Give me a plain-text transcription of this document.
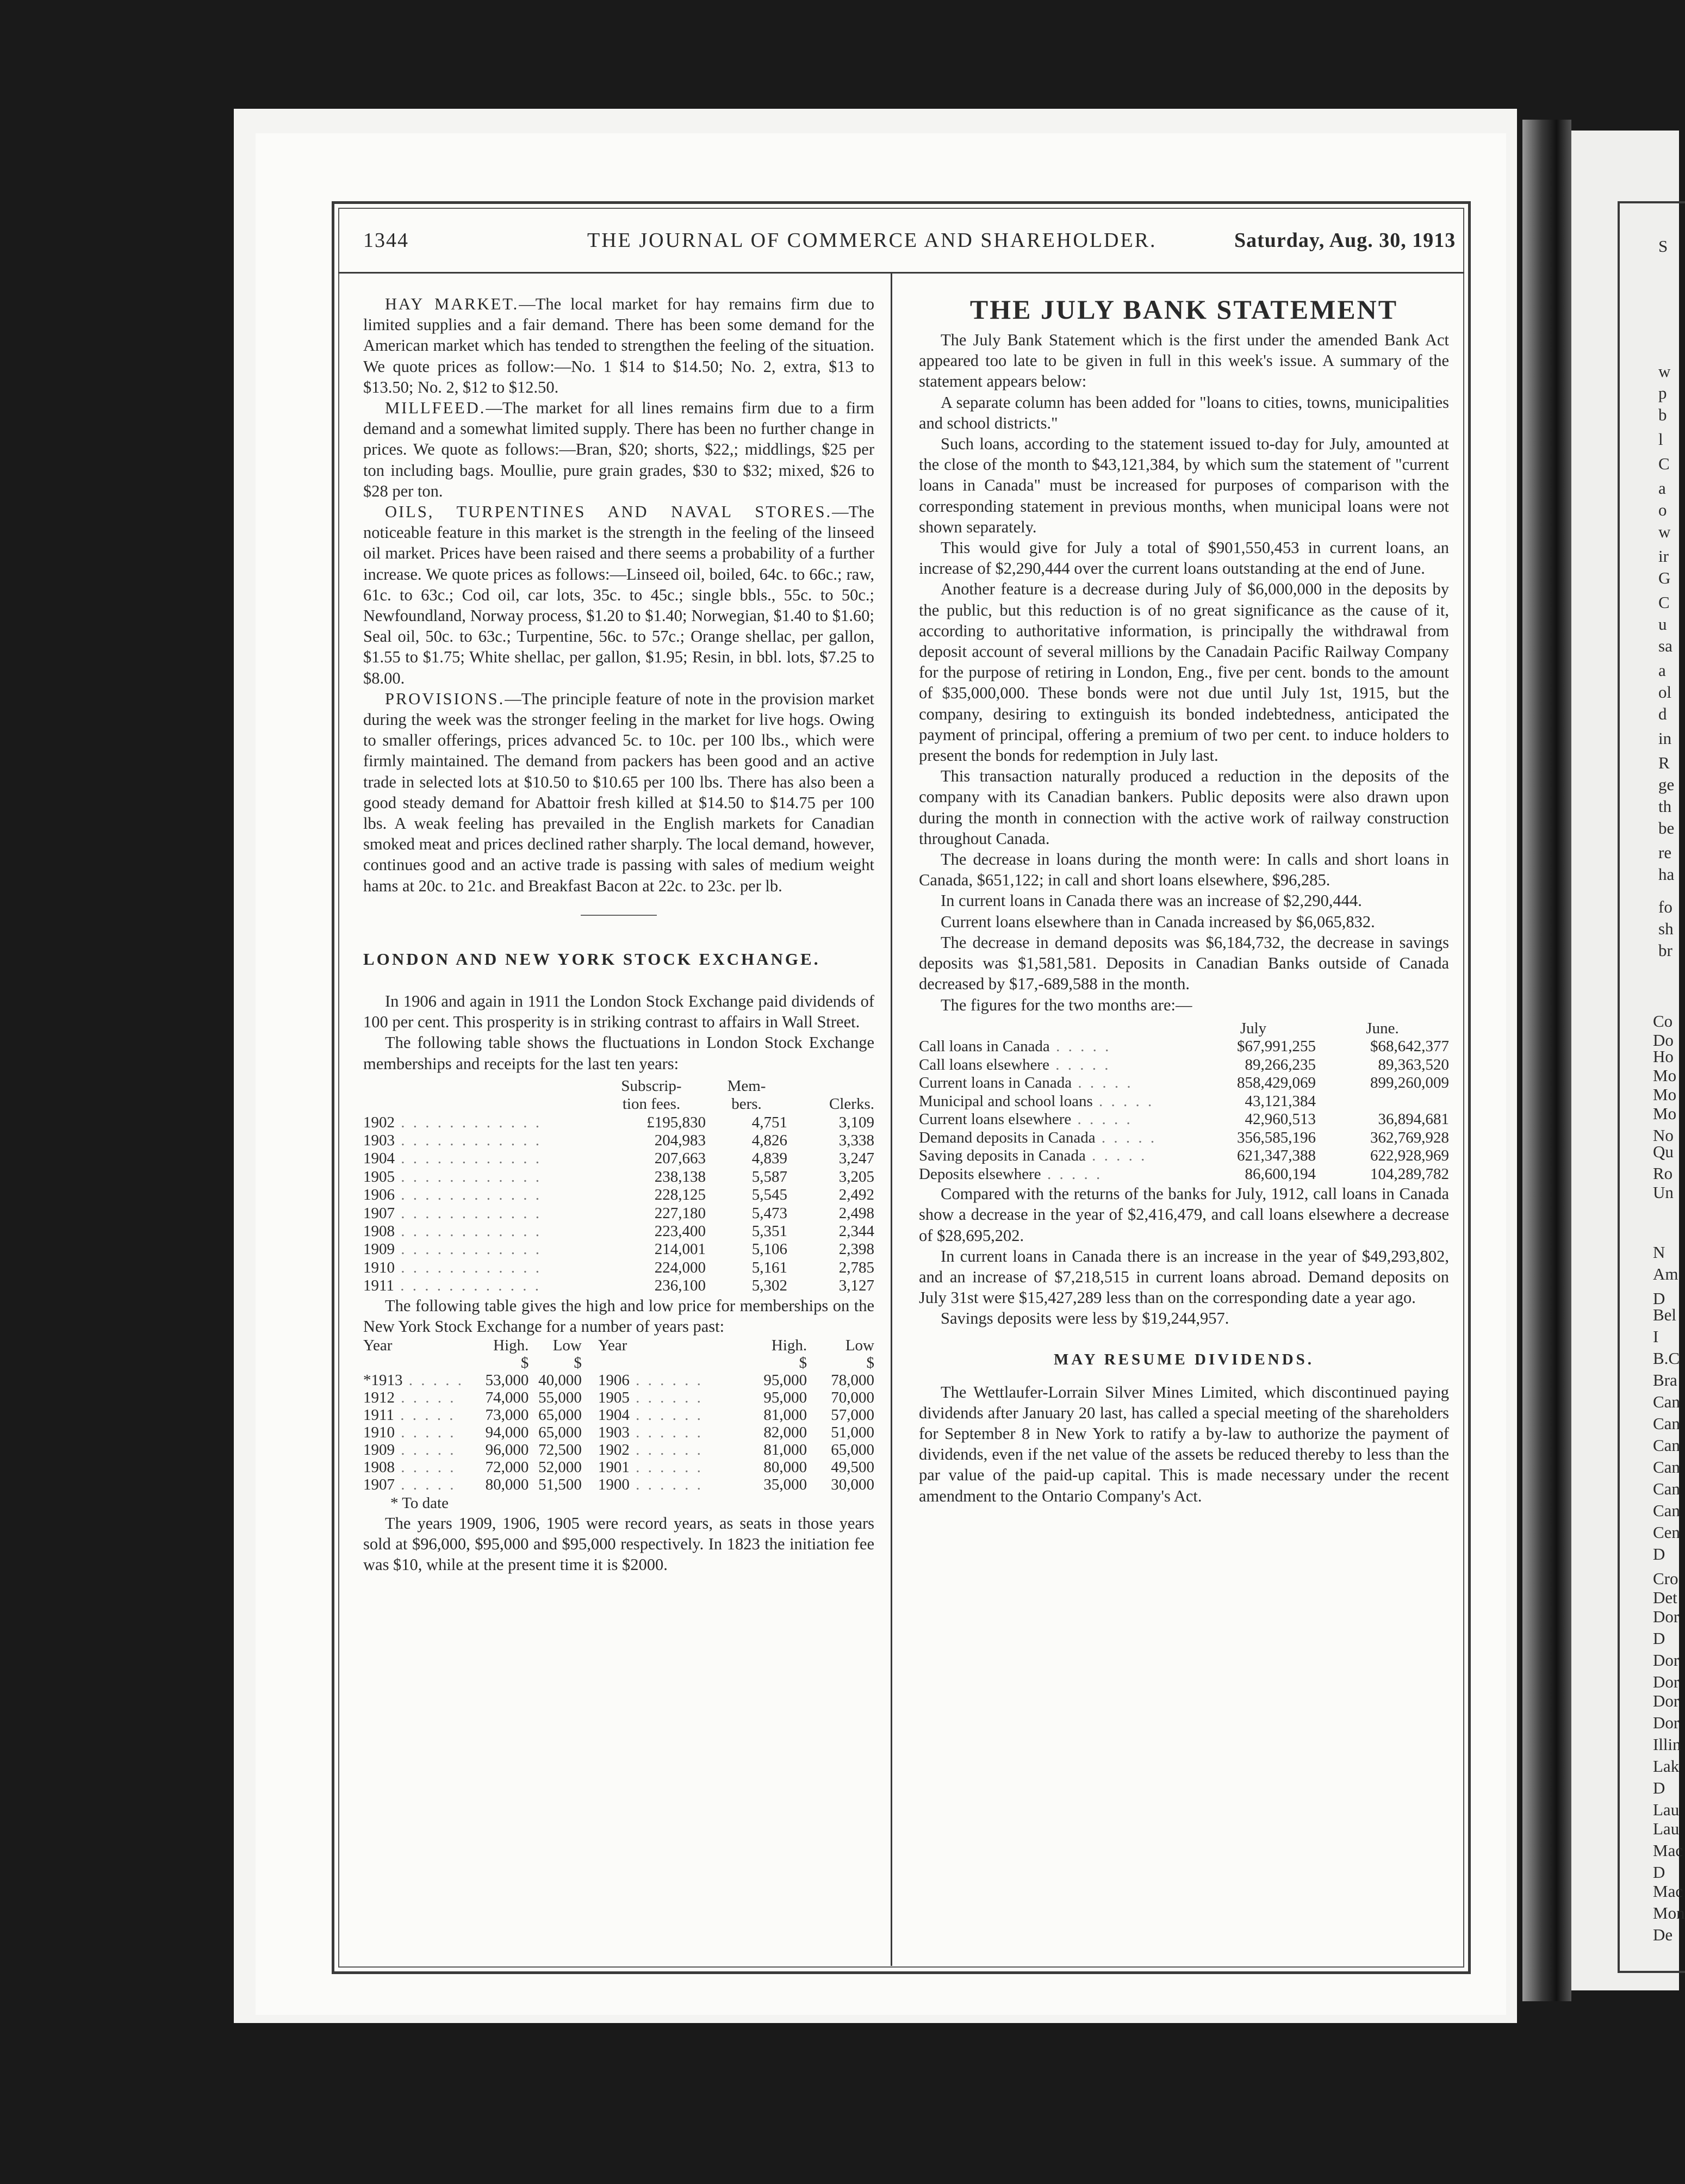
1344	THE JOURNAL OF COMMERCE AND SHAREHOLDER.	Saturday, Aug. 30, 1913

HAY MARKET.—The local market for hay remains firm due to limited supplies and a fair demand. There has been some demand for the American market which has tended to strengthen the feeling of the situation. We quote prices as follow:—No. 1 $14 to $14.50; No. 2, extra, $13 to $13.50; No. 2, $12 to $12.50.

MILLFEED.—The market for all lines remains firm due to a firm demand and a somewhat limited supply. There has been no further change in prices. We quote as follows:—Bran, $20; shorts, $22,; middlings, $25 per ton including bags. Moullie, pure grain grades, $30 to $32; mixed, $26 to $28 per ton.

OILS, TURPENTINES AND NAVAL STORES.—The noticeable feature in this market is the strength in the feeling of the linseed oil market. Prices have been raised and there seems a probability of a further increase. We quote prices as follows:—Linseed oil, boiled, 64c. to 66c.; raw, 61c. to 63c.; Cod oil, car lots, 35c. to 45c.; single bbls., 55c. to 50c.; Newfoundland, Norway process, $1.20 to $1.40; Norwegian, $1.40 to $1.60; Seal oil, 50c. to 63c.; Turpentine, 56c. to 57c.; Orange shellac, per gallon, $1.55 to $1.75; White shellac, per gallon, $1.95; Resin, in bbl. lots, $7.25 to $8.00.

PROVISIONS.—The principle feature of note in the provision market during the week was the stronger feeling in the market for live hogs. Owing to smaller offerings, prices advanced 5c. to 10c. per 100 lbs., which were firmly maintained. The demand from packers has been good and an active trade in selected lots at $10.50 to $10.65 per 100 lbs. There has also been a good steady demand for Abattoir fresh killed at $14.50 to $14.75 per 100 lbs. A weak feeling has prevailed in the English markets for Canadian smoked meat and prices declined rather sharply. The local demand, however, continues good and an active trade is passing with sales of medium weight hams at 20c. to 21c. and Breakfast Bacon at 22c. to 23c. per lb.

LONDON AND NEW YORK STOCK EXCHANGE.

In 1906 and again in 1911 the London Stock Exchange paid dividends of 100 per cent. This prosperity is in striking contrast to affairs in Wall Street.

The following table shows the fluctuations in London Stock Exchange memberships and receipts for the last ten years:

	Subscrip-
tion fees.	Mem-
bers.	Clerks.
1902 . . . . . . . . . . . .	£195,830	4,751	3,109
1903 . . . . . . . . . . . .	204,983	4,826	3,338
1904 . . . . . . . . . . . .	207,663	4,839	3,247
1905 . . . . . . . . . . . .	238,138	5,587	3,205
1906 . . . . . . . . . . . .	228,125	5,545	2,492
1907 . . . . . . . . . . . .	227,180	5,473	2,498
1908 . . . . . . . . . . . .	223,400	5,351	2,344
1909 . . . . . . . . . . . .	214,001	5,106	2,398
1910 . . . . . . . . . . . .	224,000	5,161	2,785
1911 . . . . . . . . . . . .	236,100	5,302	3,127

The following table gives the high and low price for memberships on the New York Stock Exchange for a number of years past:

Year	High.	Low	Year	High.	Low
	$	$		$	$
*1913 . . . . .	53,000	40,000	1906 . . . . . .	95,000	78,000
1912 . . . . .	74,000	55,000	1905 . . . . . .	95,000	70,000
1911 . . . . .	73,000	65,000	1904 . . . . . .	81,000	57,000
1910 . . . . .	94,000	65,000	1903 . . . . . .	82,000	51,000
1909 . . . . .	96,000	72,500	1902 . . . . . .	81,000	65,000
1908 . . . . .	72,000	52,000	1901 . . . . . .	80,000	49,500
1907 . . . . .	80,000	51,500	1900 . . . . . .	35,000	30,000
* To date

The years 1909, 1906, 1905 were record years, as seats in those years sold at $96,000, $95,000 and $95,000 respectively. In 1823 the initiation fee was $10, while at the present time it is $2000.

THE JULY BANK STATEMENT

The July Bank Statement which is the first under the amended Bank Act appeared too late to be given in full in this week's issue. A summary of the statement appears below:

A separate column has been added for "loans to cities, towns, municipalities and school districts."

Such loans, according to the statement issued to-day for July, amounted at the close of the month to $43,121,384, by which sum the statement of "current loans in Canada" must be increased for purposes of comparison with the corresponding statement in previous months, when municipal loans were not shown separately.

This would give for July a total of $901,550,453 in current loans, an increase of $2,290,444 over the current loans outstanding at the end of June.

Another feature is a decrease during July of $6,000,000 in the deposits by the public, but this reduction is of no great significance as the cause of it, according to authoritative information, is principally the withdrawal from deposit account of several millions by the Canadain Pacific Railway Company for the purpose of retiring in London, Eng., five per cent. bonds to the amount of $35,000,000. These bonds were not due until July 1st, 1915, but the company, desiring to extinguish its bonded indebtedness, anticipated the payment of principal, offering a premium of two per cent. to induce holders to present the bonds for redemption in July last.

This transaction naturally produced a reduction in the deposits of the company with its Canadian bankers. Public deposits were also drawn upon during the month in connection with the active work of railway construction throughout Canada.

The decrease in loans during the month were: In calls and short loans in Canada, $651,122; in call and short loans elsewhere, $96,285.

In current loans in Canada there was an increase of $2,290,444.

Current loans elsewhere than in Canada increased by $6,065,832.

The decrease in demand deposits was $6,184,732, the decrease in savings deposits was $1,581,581. Deposits in Canadian Banks outside of Canada decreased by $17,-689,588 in the month.

The figures for the two months are:—

	July	June.
Call loans in Canada . . . . .	$67,991,255	$68,642,377
Call loans elsewhere . . . . .	89,266,235	89,363,520
Current loans in Canada . . . . .	858,429,069	899,260,009
Municipal and school loans . . . . .	43,121,384	
Current loans elsewhere . . . . .	42,960,513	36,894,681
Demand deposits in Canada . . . . .	356,585,196	362,769,928
Saving deposits in Canada . . . . .	621,347,388	622,928,969
Deposits elsewhere . . . . .	86,600,194	104,289,782

Compared with the returns of the banks for July, 1912, call loans in Canada show a decrease in the year of $2,416,479, and call loans elsewhere a decrease of $28,695,202.

In current loans in Canada there is an increase in the year of $49,293,802, and an increase of $7,218,515 in current loans abroad. Demand deposits on July 31st were $15,427,289 less than on the corresponding date a year ago.

Savings deposits were less by $19,244,957.

MAY RESUME DIVIDENDS.

The Wettlaufer-Lorrain Silver Mines Limited, which discontinued paying dividends after January 20 last, has called a special meeting of the shareholders for September 8 in New York to ratify a by-law to authorize the payment of dividends, even if the net value of the assets be reduced thereby to less than the par value of the paid-up capital. This is made necessary under the recent amendment to the Ontario Company's Act.

S
w
p
b
l
C
a
o
w
ir
G
C
u
sa
a
ol
d
in
R
ge
th
be
re
ha
fo
sh
br
Co
Do
Ho
Mo
Mo
Mo
No
Qu
Ro
Un
N
Am
D
Bel
I
B.C
Bra
Can
Can
Can
Can
Can
Can
Cen
D
Cro
Det
Dor
D
Dor
Dor
Dor
Dor
Illin
Lak
D
Lau
Lau
Mac
D
Mac
Mon
De
